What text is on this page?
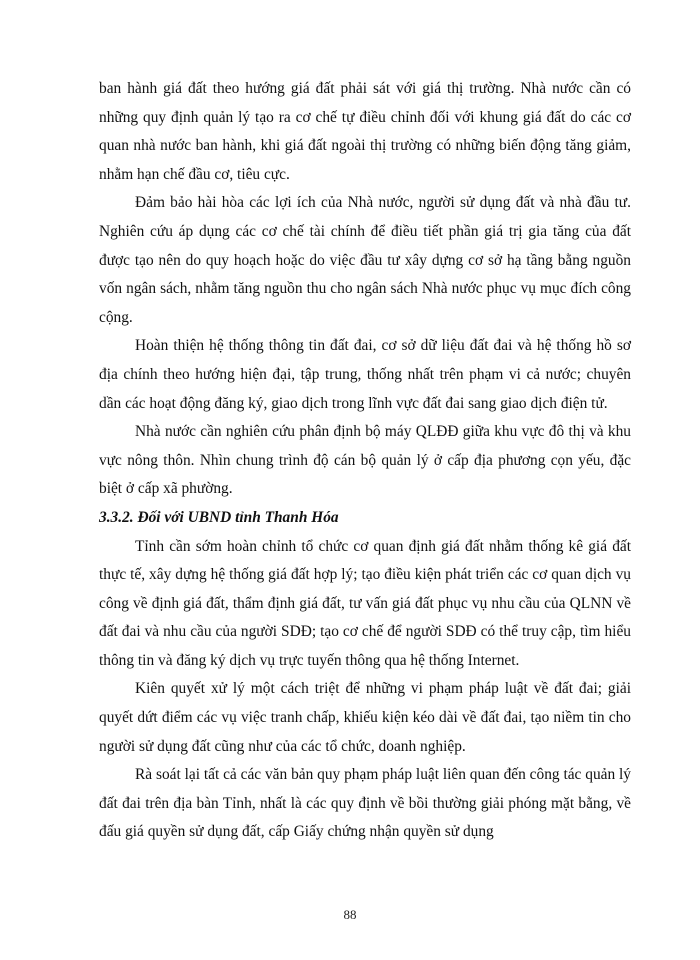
ban hành giá đất theo hướng giá đất phải sát với giá thị trường. Nhà nước cần có những quy định quản lý tạo ra cơ chế tự điều chỉnh đối với khung giá đất do các cơ quan nhà nước ban hành, khi giá đất ngoài thị trường có những biến động tăng giảm, nhằm hạn chế đầu cơ, tiêu cực.

Đảm bảo hài hòa các lợi ích của Nhà nước, người sử dụng đất và nhà đầu tư. Nghiên cứu áp dụng các cơ chế tài chính để điều tiết phần giá trị gia tăng của đất được tạo nên do quy hoạch hoặc do việc đầu tư xây dựng cơ sở hạ tầng bằng nguồn vốn ngân sách, nhằm tăng nguồn thu cho ngân sách Nhà nước phục vụ mục đích công cộng.

Hoàn thiện hệ thống thông tin đất đai, cơ sở dữ liệu đất đai và hệ thống hồ sơ địa chính theo hướng hiện đại, tập trung, thống nhất trên phạm vi cả nước; chuyên dần các hoạt động đăng ký, giao dịch trong lĩnh vực đất đai sang giao dịch điện tử.

Nhà nước cần nghiên cứu phân định bộ máy QLĐĐ giữa khu vực đô thị và khu vực nông thôn. Nhìn chung trình độ cán bộ quản lý ở cấp địa phương cọn yếu, đặc biệt ở cấp xã phường.

3.3.2. Đối với UBND tỉnh Thanh Hóa

Tỉnh cần sớm hoàn chỉnh tổ chức cơ quan định giá đất nhằm thống kê giá đất thực tế, xây dựng hệ thống giá đất hợp lý; tạo điều kiện phát triển các cơ quan dịch vụ công về định giá đất, thẩm định giá đất, tư vấn giá đất phục vụ nhu cầu của QLNN về đất đai và nhu cầu của người SDĐ; tạo cơ chế để người SDĐ có thể truy cập, tìm hiểu thông tin và đăng ký dịch vụ trực tuyến thông qua hệ thống Internet.

Kiên quyết xử lý một cách triệt để những vi phạm pháp luật về đất đai; giải quyết dứt điểm các vụ việc tranh chấp, khiếu kiện kéo dài về đất đai, tạo niềm tin cho người sử dụng đất cũng như của các tổ chức, doanh nghiệp.

Rà soát lại tất cả các văn bản quy phạm pháp luật liên quan đến công tác quản lý đất đai trên địa bàn Tỉnh, nhất là các quy định về bồi thường giải phóng mặt bằng, về đấu giá quyền sử dụng đất, cấp Giấy chứng nhận quyền sử dụng

88
